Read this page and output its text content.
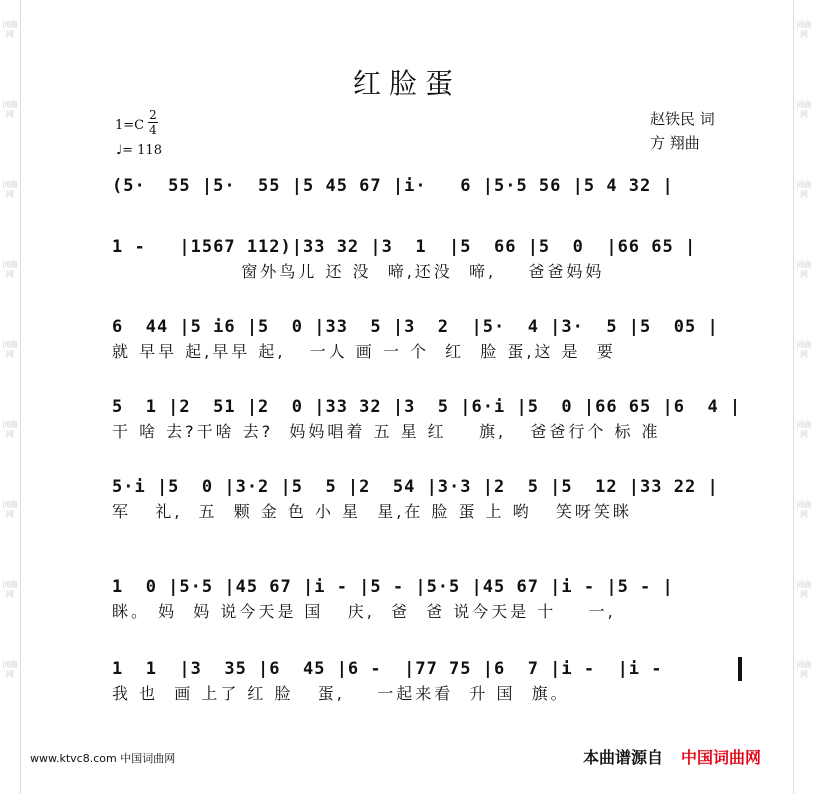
词曲网
词曲网
词曲网
词曲网
词曲网
词曲网
词曲网
词曲网
词曲网
词曲网
词曲网
词曲网
词曲网
词曲网
词曲网
词曲网
词曲网
词曲网
红脸蛋
1=C
2
4
♩= 118
赵铁民 词
方 翔曲
(5·  55 |5·  55 |5 45 67 |i·   6 |5·5 56 |5 4 32 |
1 -   |1567 112)|33 32 |3  1  |5  66 |5  0  |66 65 |
窗外鸟儿 还 没  啼,还没  啼,    爸爸妈妈
6  44 |5 i6 |5  0 |33  5 |3  2  |5·  4 |3·  5 |5  05 |
就 早早 起,早早 起,   一人 画 一 个  红  脸 蛋,这 是  要
5  1 |2  51 |2  0 |33 32 |3  5 |6·i |5  0 |66 65 |6  4 |
干 啥 去?干啥 去?  妈妈唱着 五 星 红    旗,   爸爸行个 标 准
5·i |5  0 |3·2 |5  5 |2  54 |3·3 |2  5 |5  12 |33 22 |
军   礼,  五  颗 金 色 小 星  星,在 脸 蛋 上 哟   笑呀笑眯
1  0 |5·5 |45 67 |i - |5 - |5·5 |45 67 |i - |5 - |
眯。 妈  妈 说今天是 国   庆,  爸  爸 说今天是 十    一,
1  1  |3  35 |6  45 |6 -  |77 75 |6  7 |i -  |i -
我 也  画 上了 红 脸   蛋,    一起来看  升 国  旗。
www.ktvc8.com 中国词曲网	本曲谱源自 中国词曲网
